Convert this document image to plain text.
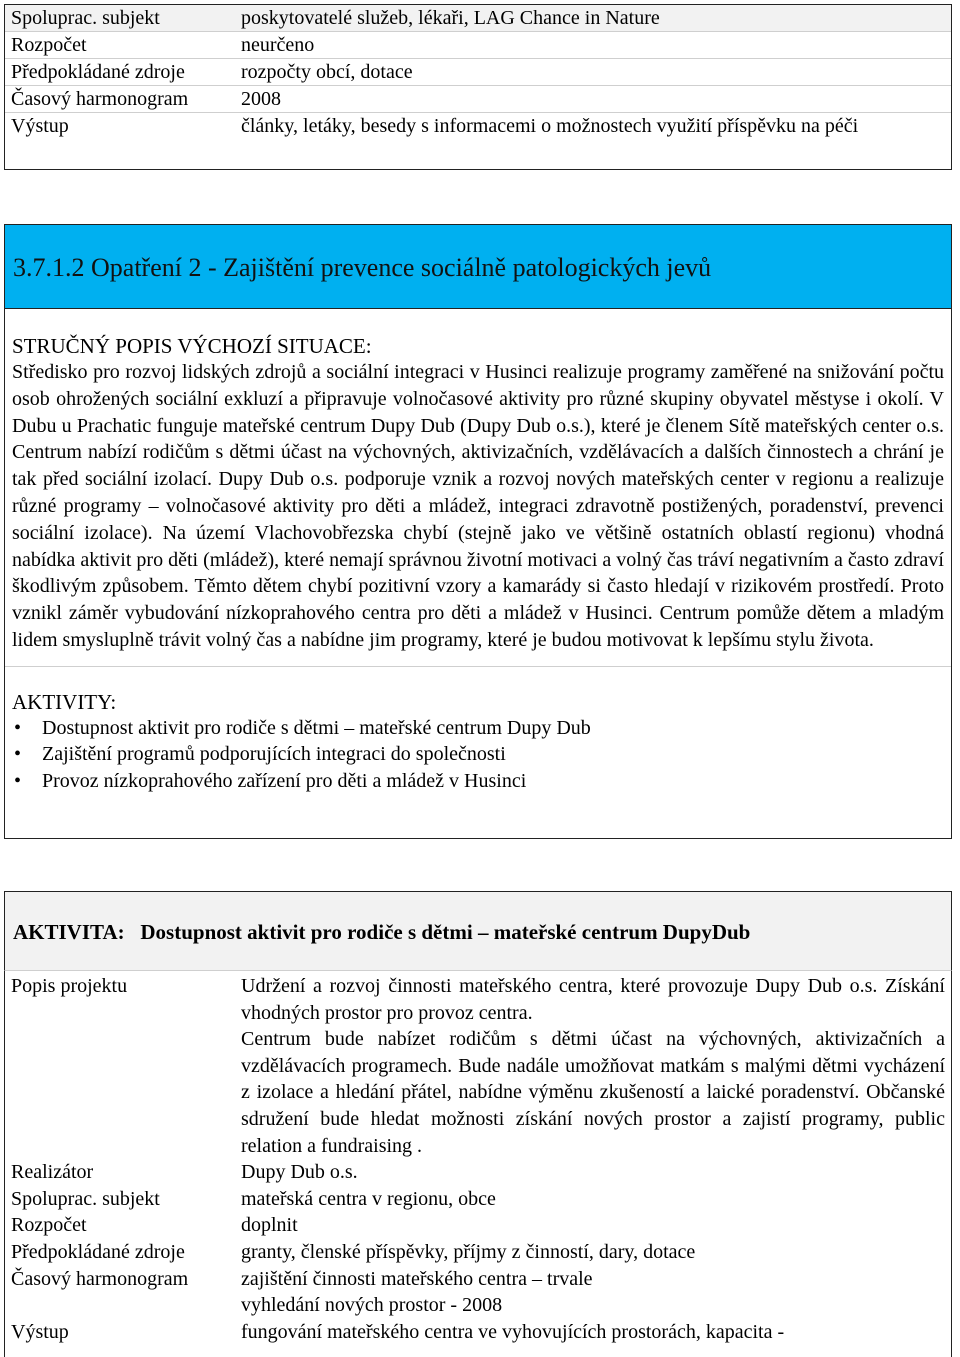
Spoluprac. subjekt	poskytovatelé služeb, lékaři, LAG Chance in Nature
Rozpočet	neurčeno
Předpokládané zdroje	rozpočty obcí, dotace
Časový harmonogram	2008
Výstup	články, letáky, besedy s informacemi o možnostech využití příspěvku na péči
3.7.1.2 Opatření 2 - Zajištění prevence sociálně patologických jevů
STRUČNÝ POPIS VÝCHOZÍ SITUACE:

Středisko pro rozvoj lidských zdrojů a sociální integraci v Husinci realizuje programy zaměřené na snižování počtu osob ohrožených sociální exkluzí a připravuje volnočasové aktivity pro různé skupiny obyvatel městyse i okolí. V Dubu u Prachatic funguje mateřské centrum Dupy Dub (Dupy Dub o.s.), které je členem Sítě mateřských center o.s. Centrum nabízí rodičům s dětmi účast na výchovných, aktivizačních, vzdělávacích a dalších činnostech a chrání je tak před sociální izolací. Dupy Dub o.s. podporuje vznik a rozvoj nových mateřských center v regionu a realizuje různé programy – volnočasové aktivity pro děti a mládež, integraci zdravotně postižených, poradenství, prevenci sociální izolace). Na území Vlachovobřezska chybí (stejně jako ve většině ostatních oblastí regionu) vhodná nabídka aktivit pro děti (mládež), které nemají správnou životní motivaci a volný čas tráví negativním a často zdraví škodlivým způsobem. Těmto dětem chybí pozitivní vzory a kamarády si často hledají v rizikovém prostředí. Proto vznikl záměr vybudování nízkoprahového centra pro děti a mládež v Husinci. Centrum pomůže dětem a mladým lidem smysluplně trávit volný čas a nabídne jim programy, které je budou motivovat k lepšímu stylu života.

AKTIVITY:
• Dostupnost aktivit pro rodiče s dětmi – mateřské centrum Dupy Dub
• Zajištění programů podporujících integraci do společnosti
• Provoz nízkoprahového zařízení pro děti a mládež v Husinci
AKTIVITA:   Dostupnost aktivit pro rodiče s dětmi – mateřské centrum DupyDub
Popis projektu	Udržení a rozvoj činnosti mateřského centra, které provozuje Dupy Dub o.s. Získání vhodných prostor pro provoz centra.
Centrum bude nabízet rodičům s dětmi účast na výchovných, aktivizačních a vzdělávacích programech. Bude nadále umožňovat matkám s malými dětmi vycházení z izolace a hledání přátel, nabídne výměnu zkušeností a laické poradenství. Občanské sdružení bude hledat možnosti získání nových prostor a zajistí programy, public relation a fundraising .

Realizátor	Dupy Dub o.s.
Spoluprac. subjekt	mateřská centra v regionu, obce
Rozpočet	doplnit
Předpokládané zdroje	granty, členské příspěvky, příjmy z činností, dary, dotace
Časový harmonogram	zajištění činnosti mateřského centra – trvale
vyhledání nových prostor - 2008

Výstup	fungování mateřského centra ve vyhovujících prostorách, kapacita -
